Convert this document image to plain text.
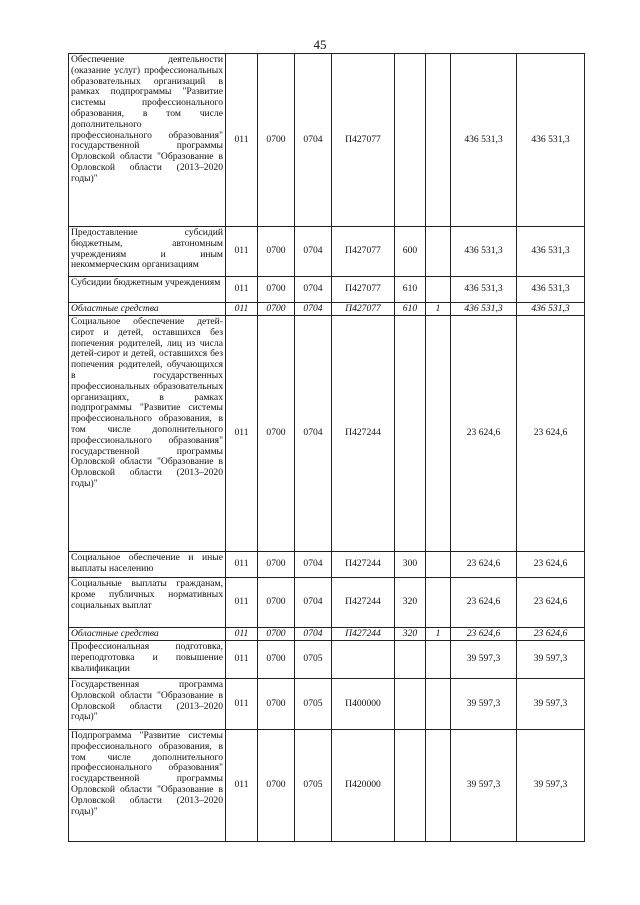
45
Обеспечение деятельности (оказание услуг) профессиональных образовательных организаций в рамках подпрограммы "Развитие системы профессионального образования, в том числе дополнительного профессионального образования" государственной программы Орловской области "Образование в Орловской области (2013–2020 годы)"	011	0700	0704	П427077			436 531,3	436 531,3
Предоставление субсидий бюджетным, автономным учреждениям и иным некоммерческим организациям	011	0700	0704	П427077	600		436 531,3	436 531,3
Субсидии бюджетным учреждениям	011	0700	0704	П427077	610		436 531,3	436 531,3
Областные средства	011	0700	0704	П427077	610	1	436 531,3	436 531,3
Социальное обеспечение детей-сирот и детей, оставшихся без попечения родителей, лиц из числа детей-сирот и детей, оставшихся без попечения родителей, обучающихся в государственных профессиональных образовательных организациях, в рамках подпрограммы "Развитие системы профессионального образования, в том числе дополнительного профессионального образования" государственной программы Орловской области "Образование в Орловской области (2013–2020 годы)"	011	0700	0704	П427244			23 624,6	23 624,6
Социальное обеспечение и иные выплаты населению	011	0700	0704	П427244	300		23 624,6	23 624,6
Социальные выплаты гражданам, кроме публичных нормативных социальных выплат	011	0700	0704	П427244	320		23 624,6	23 624,6
Областные средства	011	0700	0704	П427244	320	1	23 624,6	23 624,6
Профессиональная подготовка, переподготовка и повышение квалификации	011	0700	0705				39 597,3	39 597,3
Государственная программа Орловской области "Образование в Орловской области (2013–2020 годы)"	011	0700	0705	П400000			39 597,3	39 597,3
Подпрограмма "Развитие системы профессионального образования, в том числе дополнительного профессионального образования" государственной программы Орловской области "Образование в Орловской области (2013–2020 годы)"	011	0700	0705	П420000			39 597,3	39 597,3
